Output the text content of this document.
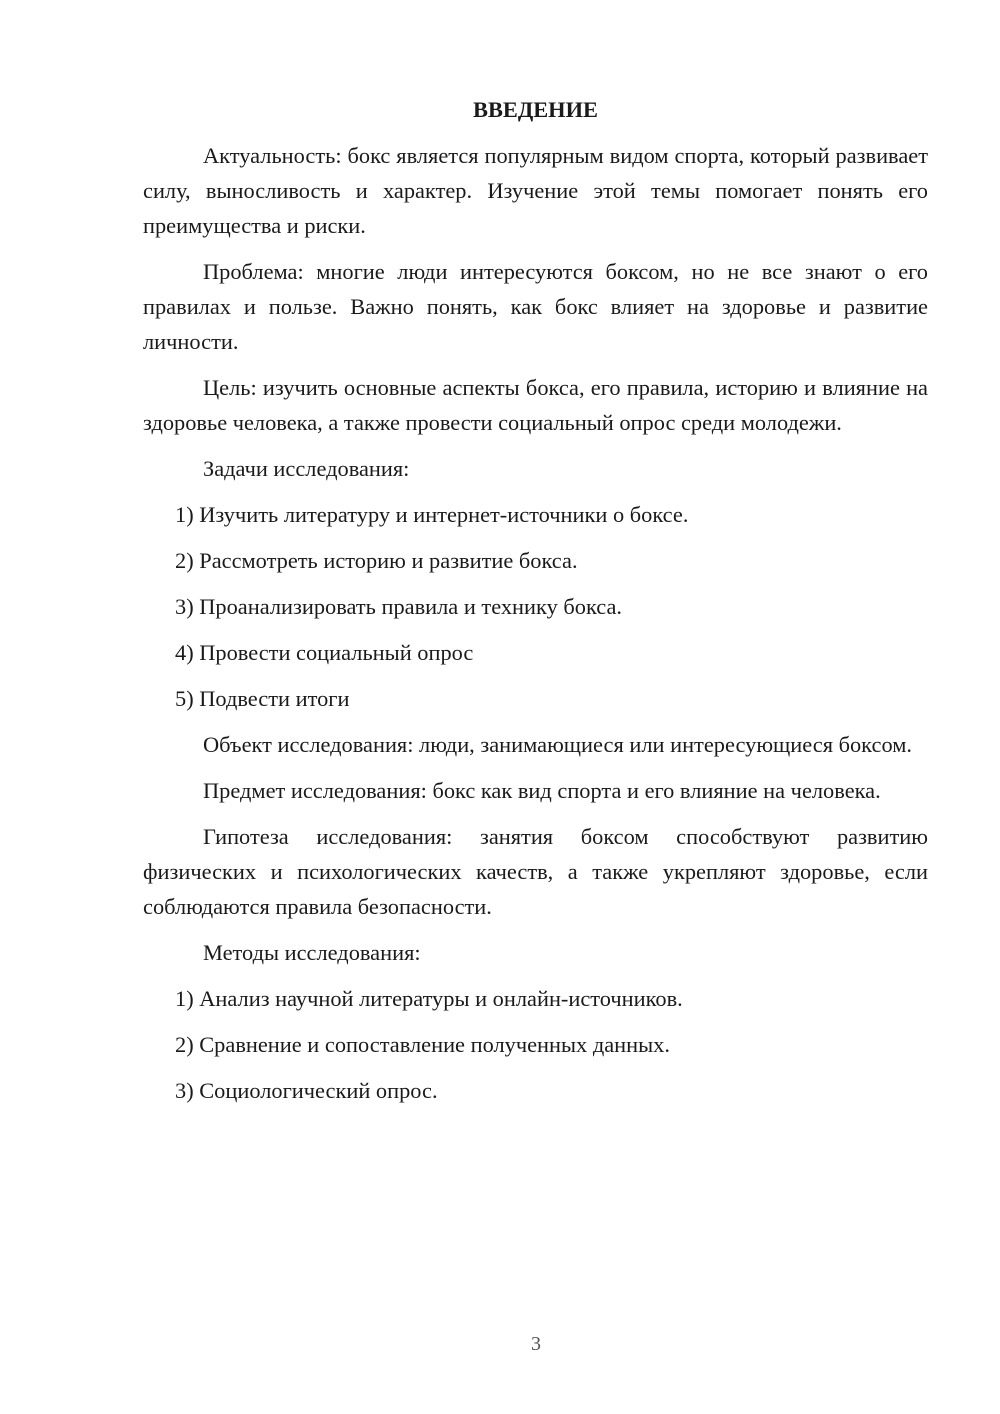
ВВЕДЕНИЕ

Актуальность: бокс является популярным видом спорта, который развивает силу, выносливость и характер. Изучение этой темы помогает понять его преимущества и риски.

Проблема: многие люди интересуются боксом, но не все знают о его правилах и пользе. Важно понять, как бокс влияет на здоровье и развитие личности.

Цель: изучить основные аспекты бокса, его правила, историю и влияние на здоровье человека, а также провести социальный опрос среди молодежи.

Задачи исследования:

1) Изучить литературу и интернет-источники о боксе.
2) Рассмотреть историю и развитие бокса.
3) Проанализировать правила и технику бокса.
4) Провести социальный опрос
5) Подвести итоги

Объект исследования: люди, занимающиеся или интересующиеся боксом.

Предмет исследования: бокс как вид спорта и его влияние на человека.

Гипотеза исследования: занятия боксом способствуют развитию физических и психологических качеств, а также укрепляют здоровье, если соблюдаются правила безопасности.

Методы исследования:

1) Анализ научной литературы и онлайн-источников.
2) Сравнение и сопоставление полученных данных.
3) Социологический опрос.
3
